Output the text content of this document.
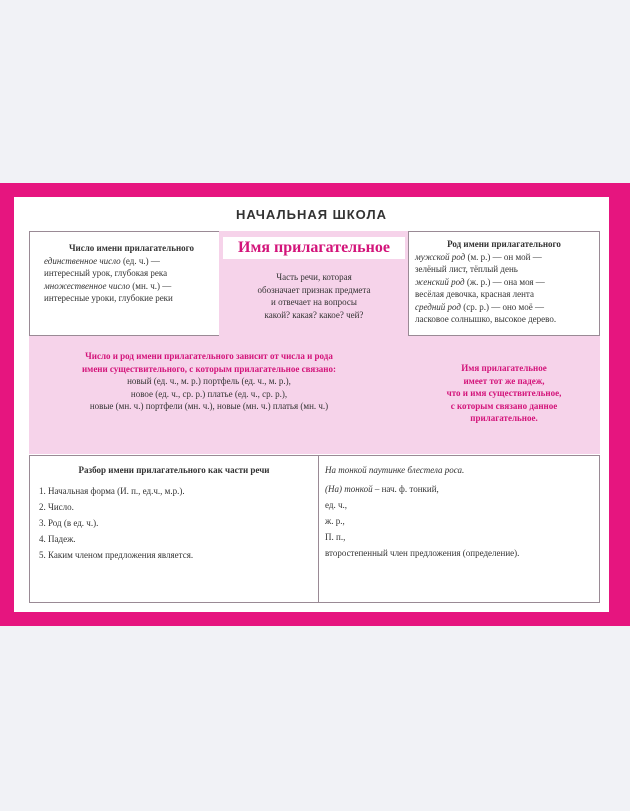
НАЧАЛЬНАЯ ШКОЛА
Число имени прилагательного
единственное число (ед. ч.) —
интересный урок, глубокая река
множественное число (мн. ч.) —
интересные уроки, глубокие реки
Имя прилагательное
Часть речи, которая
обозначает признак предмета
и отвечает на вопросы
какой? какая? какое? чей?
Род имени прилагательного
мужской род (м. р.) — он мой —
зелёный лист, тёплый день
женский род (ж. р.) — она моя —
весёлая девочка, красная лента
средний род (ср. р.) — оно моё —
ласковое солнышко, высокое дерево.
Число и род имени прилагательного зависит от числа и рода
имени существительного, с которым прилагательное связано:
новый (ед. ч., м. р.) портфель (ед. ч., м. р.),
новое (ед. ч., ср. р.) платье (ед. ч., ср. р.),
новые (мн. ч.) портфели (мн. ч.), новые (мн. ч.) платья (мн. ч.)
Имя прилагательное
имеет тот же падеж,
что и имя существительное,
с которым связано данное
прилагательное.
Разбор имени прилагательного как части речи
1. Начальная форма (И. п., ед.ч., м.р.).
2. Число.
3. Род (в ед. ч.).
4. Падеж.
5. Каким членом предложения является.
На тонкой паутинке блестела роса.
(На) тонкой – нач. ф. тонкий,
ед. ч.,
ж. р.,
П. п.,
второстепенный член предложения (определение).
